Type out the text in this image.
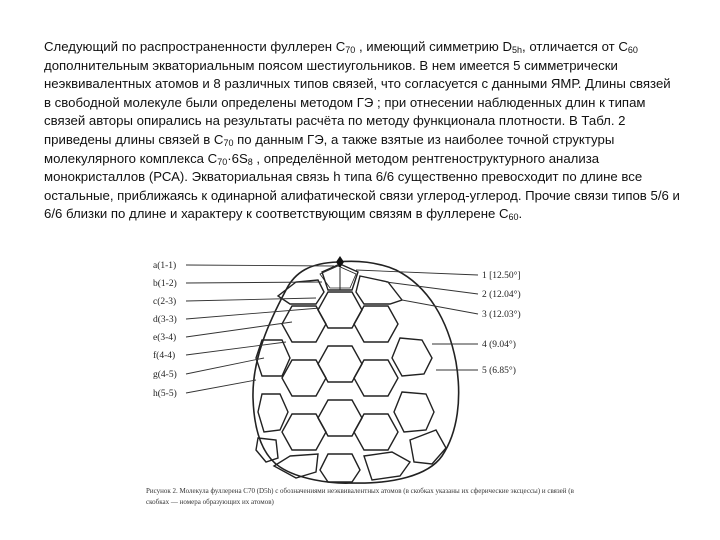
Следующий по распространенности фуллерен $С_{70}$ , имеющий симметрию $D_{5h}$, отличается от $С_{60}$ дополнительным экваториальным поясом шестиугольников. В нем имеется 5 симметрически неэквивалентных атомов и 8 различных типов связей, что согласуется с данными ЯМР. Длины связей в свободной молекуле были определены методом ГЭ ; при отнесении наблюденных длин к типам связей авторы опирались на результаты расчёта по методу функционала плотности. В Табл. 2 приведены длины связей в $С_{70}$ по данным ГЭ, а также взятые из наиболее точной структуры молекулярного комплекса $С_{70}\cdot 6S_8$ , определённой методом рентгеноструктурного анализа монокристаллов (РСА). Экваториальная связь h типа 6/6 существенно превосходит по длине все остальные, приближаясь к одинарной алифатической связи углерод-углерод. Прочие связи типов 5/6 и 6/6 близки по длине и характеру к соответствующим связям в фуллерене $С_{60}$.

a(1-1)
b(1-2)
c(2-3)
d(3-3)
e(3-4)
f(4-4)
g(4-5)
h(5-5)
1 [12.50°]
2 (12.04°)
3 (12.03°)
4 (9.04°)
5 (6.85°)
Рисунок 2. Молекула фуллерена С70 (D5h) с обозначениями неэквивалентных атомов (в скобках указаны их сферические эксцессы) и связей (в скобках — номера образующих их атомов)
